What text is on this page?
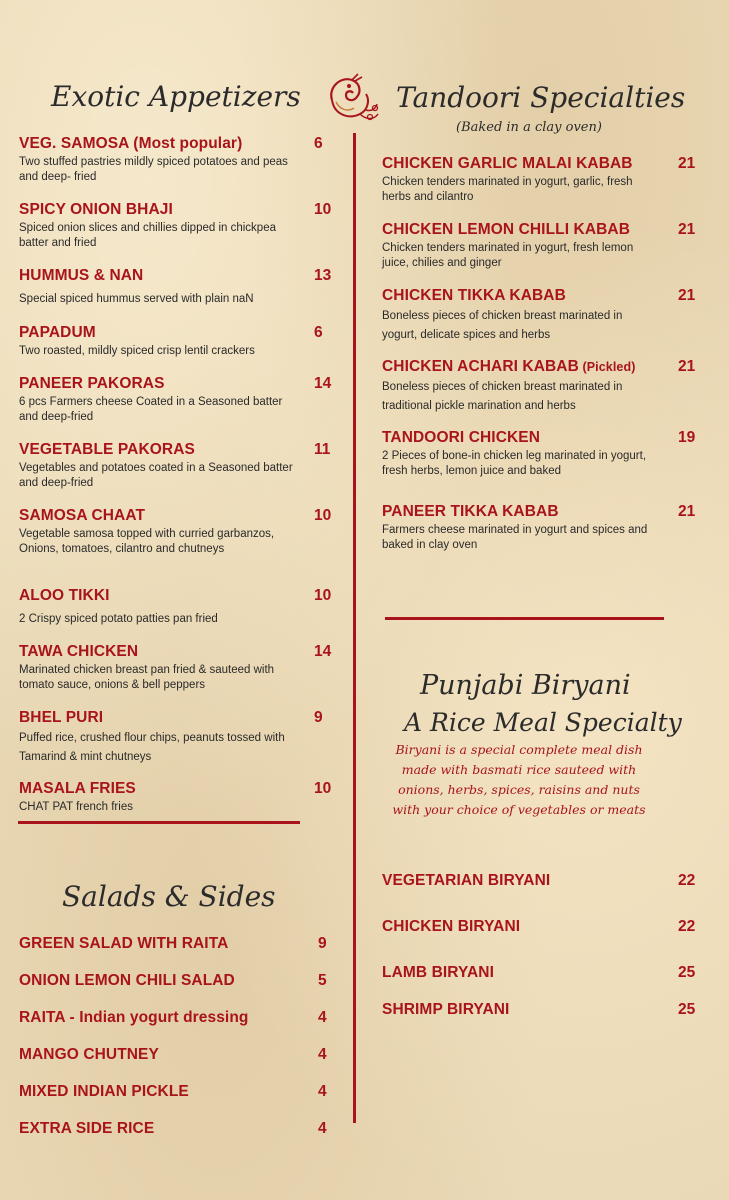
Exotic Appetizers
VEG. SAMOSA (Most popular)
Two stuffed pastries mildly spiced potatoes and peas and deep- fried
6
SPICY ONION BHAJI
Spiced onion slices and chillies dipped in chickpea batter and fried
10
HUMMUS & NAN
Special spiced hummus served with plain naN
13
PAPADUM
Two roasted, mildly spiced crisp lentil crackers
6
PANEER PAKORAS
6 pcs Farmers cheese Coated in a Seasoned batter and deep-fried
14
VEGETABLE PAKORAS
Vegetables and potatoes coated in a Seasoned batter and deep-fried
11
SAMOSA CHAAT
Vegetable samosa topped with curried garbanzos, Onions, tomatoes, cilantro and chutneys
10
ALOO TIKKI
2 Crispy spiced potato patties pan fried
10
TAWA CHICKEN
Marinated chicken breast pan fried & sauteed with tomato sauce, onions & bell peppers
14
BHEL PURI
Puffed rice, crushed flour chips, peanuts tossed with Tamarind & mint chutneys
9
MASALA FRIES
CHAT PAT french fries
10
Salads & Sides
GREEN SALAD WITH RAITA	9
ONION LEMON CHILI SALAD	5
RAITA - Indian yogurt dressing	4
MANGO CHUTNEY	4
MIXED INDIAN PICKLE	4
EXTRA SIDE RICE	4
Tandoori Specialties
(Baked in a clay oven)
CHICKEN GARLIC MALAI KABAB
Chicken tenders marinated in yogurt, garlic, fresh herbs and cilantro
21
CHICKEN LEMON CHILLI KABAB
Chicken tenders marinated in yogurt, fresh lemon juice, chilies and ginger
21
CHICKEN TIKKA KABAB
Boneless pieces of chicken breast marinated in yogurt, delicate spices and herbs
21
CHICKEN ACHARI KABAB (Pickled)
Boneless pieces of chicken breast marinated in traditional pickle marination and herbs
21
TANDOORI CHICKEN
2 Pieces of bone-in chicken leg marinated in yogurt, fresh herbs, lemon juice and baked
19
PANEER TIKKA KABAB
Farmers cheese marinated in yogurt and spices and baked in clay oven
21
Punjabi Biryani
A Rice Meal Specialty
Biryani is a special complete meal dish made with basmati rice sauteed with onions, herbs, spices, raisins and nuts with your choice of vegetables or meats
VEGETARIAN BIRYANI	22
CHICKEN BIRYANI	22
LAMB BIRYANI	25
SHRIMP BIRYANI	25
